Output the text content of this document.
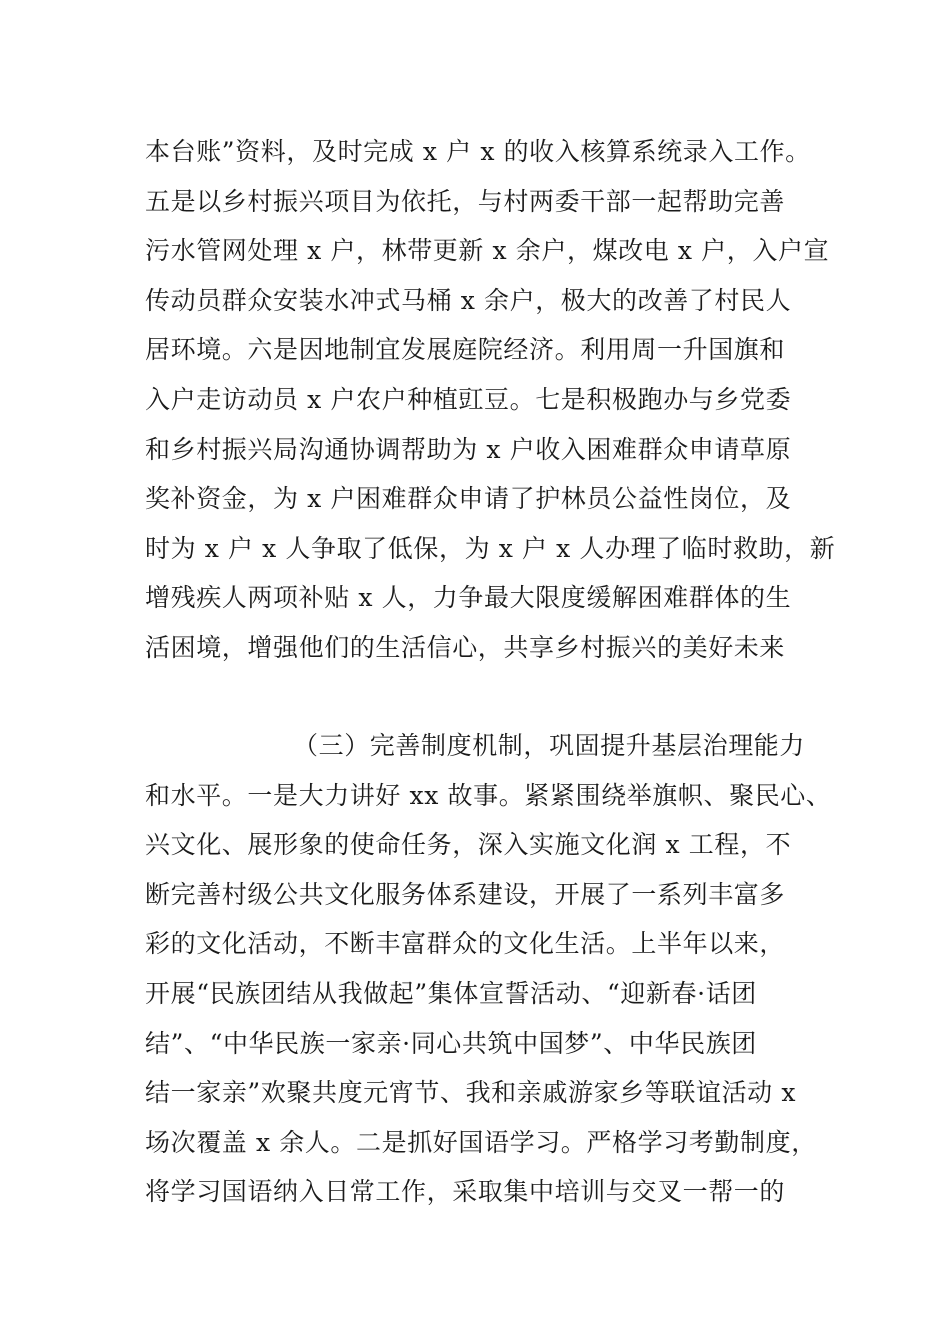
本台账”资料，及时完成 x 户 x 的收入核算系统录入工作。
五是以乡村振兴项目为依托，与村两委干部一起帮助完善
污水管网处理 x 户，林带更新 x 余户，煤改电 x 户，入户宣
传动员群众安装水冲式马桶 x 余户，极大的改善了村民人
居环境。六是因地制宜发展庭院经济。利用周一升国旗和
入户走访动员 x 户农户种植豇豆。七是积极跑办与乡党委
和乡村振兴局沟通协调帮助为 x 户收入困难群众申请草原
奖补资金，为 x 户困难群众申请了护林员公益性岗位，及
时为 x 户 x 人争取了低保，为 x 户 x 人办理了临时救助，新
增残疾人两项补贴 x 人，力争最大限度缓解困难群体的生
活困境，增强他们的生活信心，共享乡村振兴的美好未来
（三）完善制度机制，巩固提升基层治理能力
和水平。一是大力讲好 xx 故事。紧紧围绕举旗帜、聚民心、
兴文化、展形象的使命任务，深入实施文化润 x 工程，不
断完善村级公共文化服务体系建设，开展了一系列丰富多
彩的文化活动，不断丰富群众的文化生活。上半年以来，
开展“民族团结从我做起”集体宣誓活动、“迎新春·话团
结”、“中华民族一家亲·同心共筑中国梦”、中华民族团
结一家亲”欢聚共度元宵节、我和亲戚游家乡等联谊活动 x
场次覆盖 x 余人。二是抓好国语学习。严格学习考勤制度，
将学习国语纳入日常工作，采取集中培训与交叉一帮一的
